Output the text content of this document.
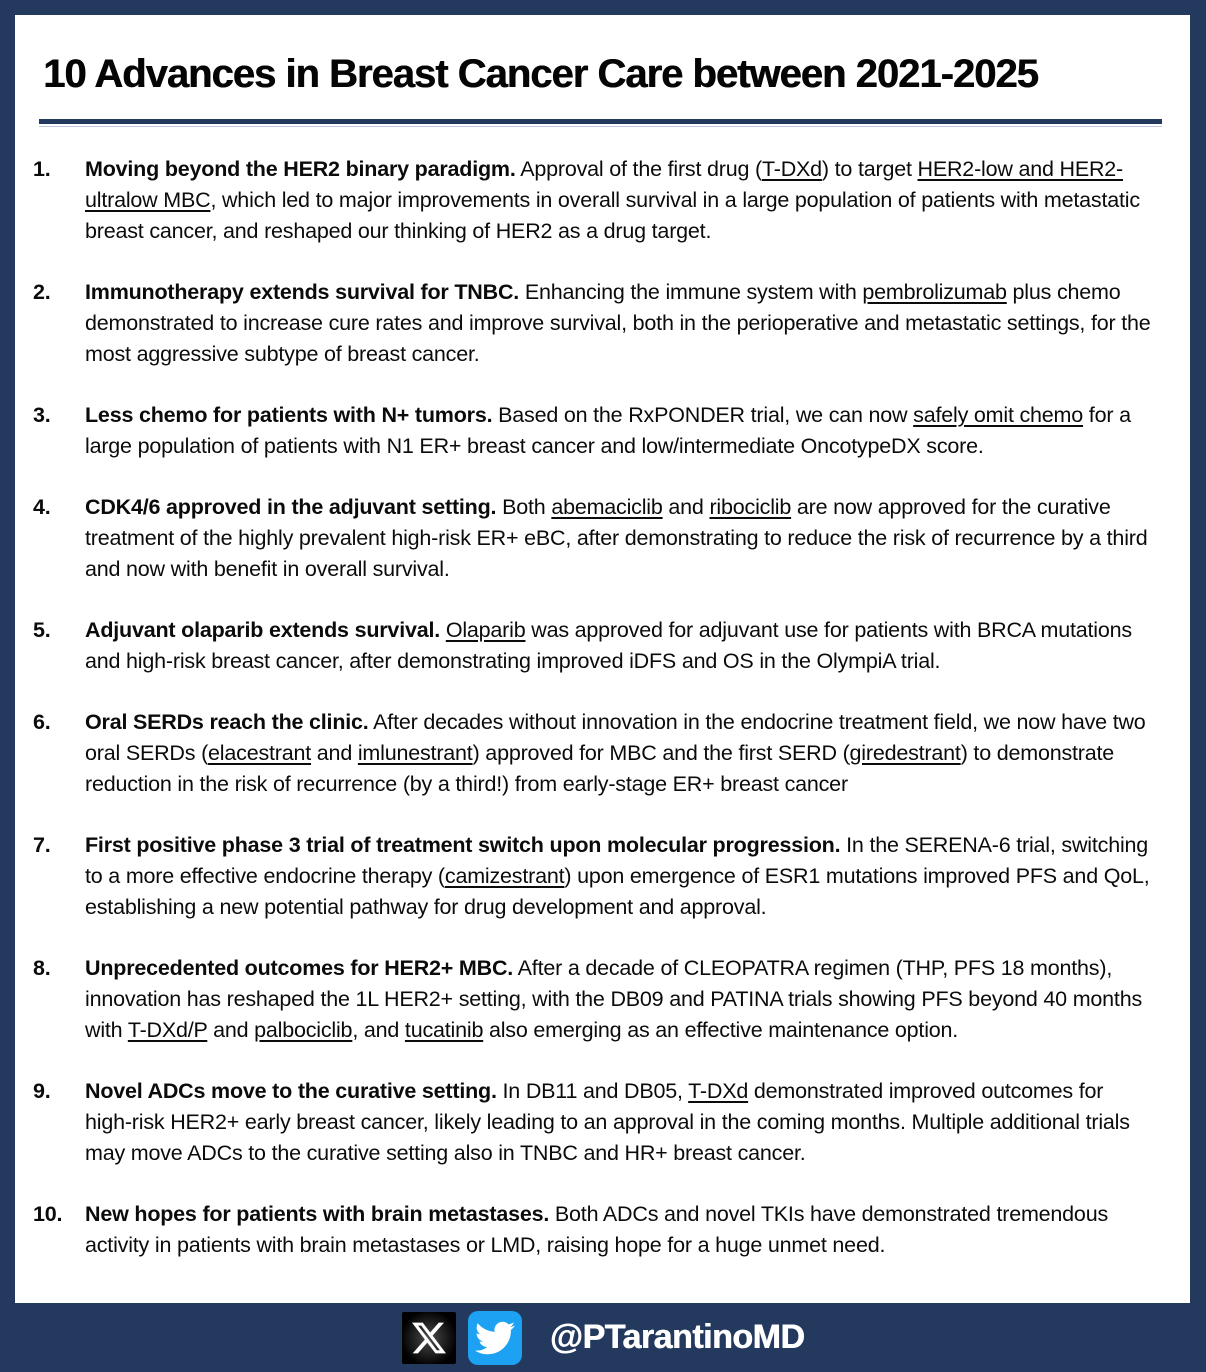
10 Advances in Breast Cancer Care between 2021-2025
1.	Moving beyond the HER2 binary paradigm. Approval of the first drug (T-DXd) to target HER2-low and HER2-ultralow MBC, which led to major improvements in overall survival in a large population of patients with metastatic breast cancer, and reshaped our thinking of HER2 as a drug target.

2.	Immunotherapy extends survival for TNBC. Enhancing the immune system with pembrolizumab plus chemo demonstrated to increase cure rates and improve survival, both in the perioperative and metastatic settings, for the most aggressive subtype of breast cancer.

3.	Less chemo for patients with N+ tumors. Based on the RxPONDER trial, we can now safely omit chemo for a large population of patients with N1 ER+ breast cancer and low/intermediate OncotypeDX score.

4.	CDK4/6 approved in the adjuvant setting. Both abemaciclib and ribociclib are now approved for the curative treatment of the highly prevalent high-risk ER+ eBC, after demonstrating to reduce the risk of recurrence by a third and now with benefit in overall survival.

5.	Adjuvant olaparib extends survival. Olaparib was approved for adjuvant use for patients with BRCA mutations and high-risk breast cancer, after demonstrating improved iDFS and OS in the OlympiA trial.

6.	Oral SERDs reach the clinic. After decades without innovation in the endocrine treatment field, we now have two oral SERDs (elacestrant and imlunestrant) approved for MBC and the first SERD (giredestrant) to demonstrate reduction in the risk of recurrence (by a third!) from early-stage ER+ breast cancer

7.	First positive phase 3 trial of treatment switch upon molecular progression. In the SERENA-6 trial, switching to a more effective endocrine therapy (camizestrant) upon emergence of ESR1 mutations improved PFS and QoL, establishing a new potential pathway for drug development and approval.

8.	Unprecedented outcomes for HER2+ MBC. After a decade of CLEOPATRA regimen (THP, PFS 18 months), innovation has reshaped the 1L HER2+ setting, with the DB09 and PATINA trials showing PFS beyond 40 months with T-DXd/P and palbociclib, and tucatinib also emerging as an effective maintenance option.

9.	Novel ADCs move to the curative setting. In DB11 and DB05, T-DXd demonstrated improved outcomes for high-risk HER2+ early breast cancer, likely leading to an approval in the coming months. Multiple additional trials may move ADCs to the curative setting also in TNBC and HR+ breast cancer.

10.	New hopes for patients with brain metastases. Both ADCs and novel TKIs have demonstrated tremendous activity in patients with brain metastases or LMD, raising hope for a huge unmet need.

@PTarantinoMD
